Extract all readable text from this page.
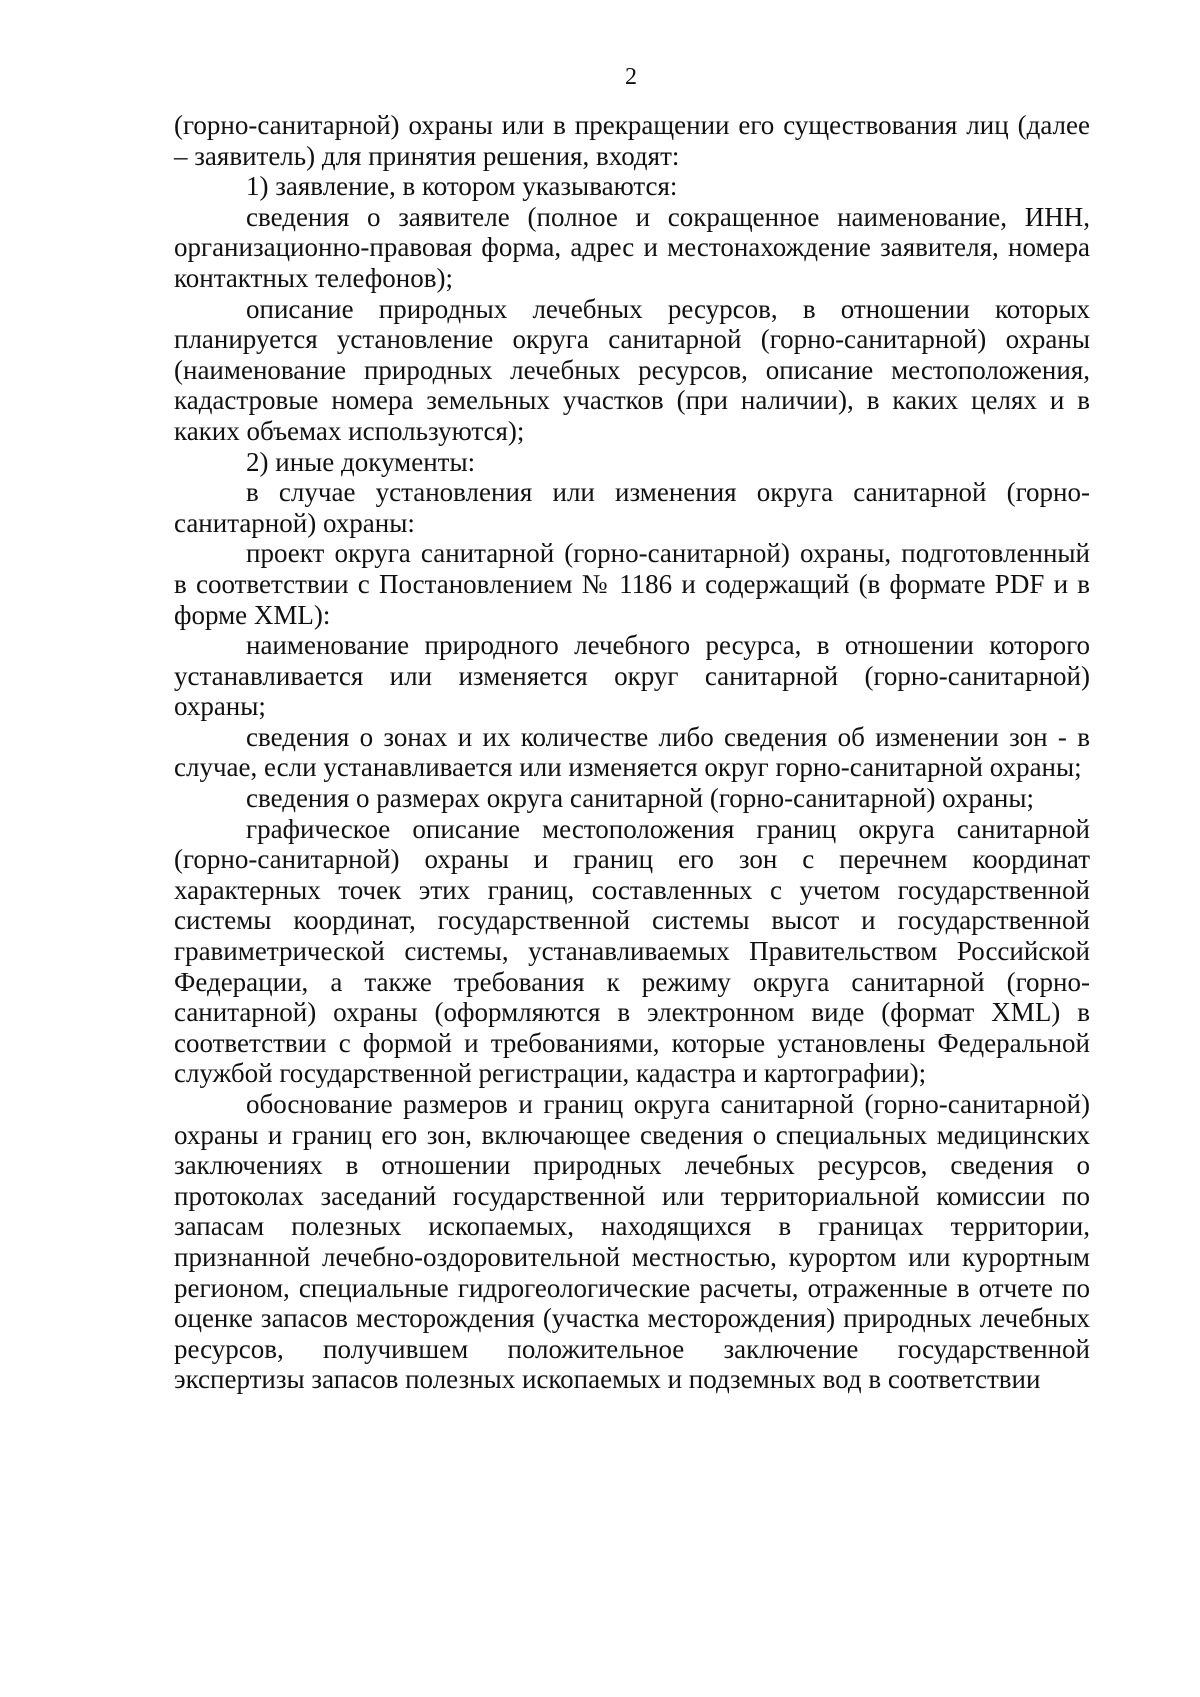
2

(горно-санитарной) охраны или в прекращении его существования лиц (далее – заявитель) для принятия решения, входят:

1) заявление, в котором указываются:

сведения о заявителе (полное и сокращенное наименование, ИНН, организационно-правовая форма, адрес и местонахождение заявителя, номера контактных телефонов);

описание природных лечебных ресурсов, в отношении которых планируется установление округа санитарной (горно-санитарной) охраны (наименование природных лечебных ресурсов, описание местоположения, кадастровые номера земельных участков (при наличии), в каких целях и в каких объемах используются);

2) иные документы:

в случае установления или изменения округа санитарной (горно-санитарной) охраны:

проект округа санитарной (горно-санитарной) охраны, подготовленный в соответствии с Постановлением № 1186 и содержащий (в формате PDF и в форме XML):

наименование природного лечебного ресурса, в отношении которого устанавливается или изменяется округ санитарной (горно-санитарной) охраны;

сведения о зонах и их количестве либо сведения об изменении зон - в случае, если устанавливается или изменяется округ горно-санитарной охраны;

сведения о размерах округа санитарной (горно-санитарной) охраны;

графическое описание местоположения границ округа санитарной (горно-санитарной) охраны и границ его зон с перечнем координат характерных точек этих границ, составленных с учетом государственной системы координат, государственной системы высот и государственной гравиметрической системы, устанавливаемых Правительством Российской Федерации, а также требования к режиму округа санитарной (горно-санитарной) охраны (оформляются в электронном виде (формат XML) в соответствии с формой и требованиями, которые установлены Федеральной службой государственной регистрации, кадастра и картографии);

обоснование размеров и границ округа санитарной (горно-санитарной) охраны и границ его зон, включающее сведения о специальных медицинских заключениях в отношении природных лечебных ресурсов, сведения о протоколах заседаний государственной или территориальной комиссии по запасам полезных ископаемых, находящихся в границах территории, признанной лечебно-оздоровительной местностью, курортом или курортным регионом, специальные гидрогеологические расчеты, отраженные в отчете по оценке запасов месторождения (участка месторождения) природных лечебных ресурсов, получившем положительное заключение государственной экспертизы запасов полезных ископаемых и подземных вод в соответствии
